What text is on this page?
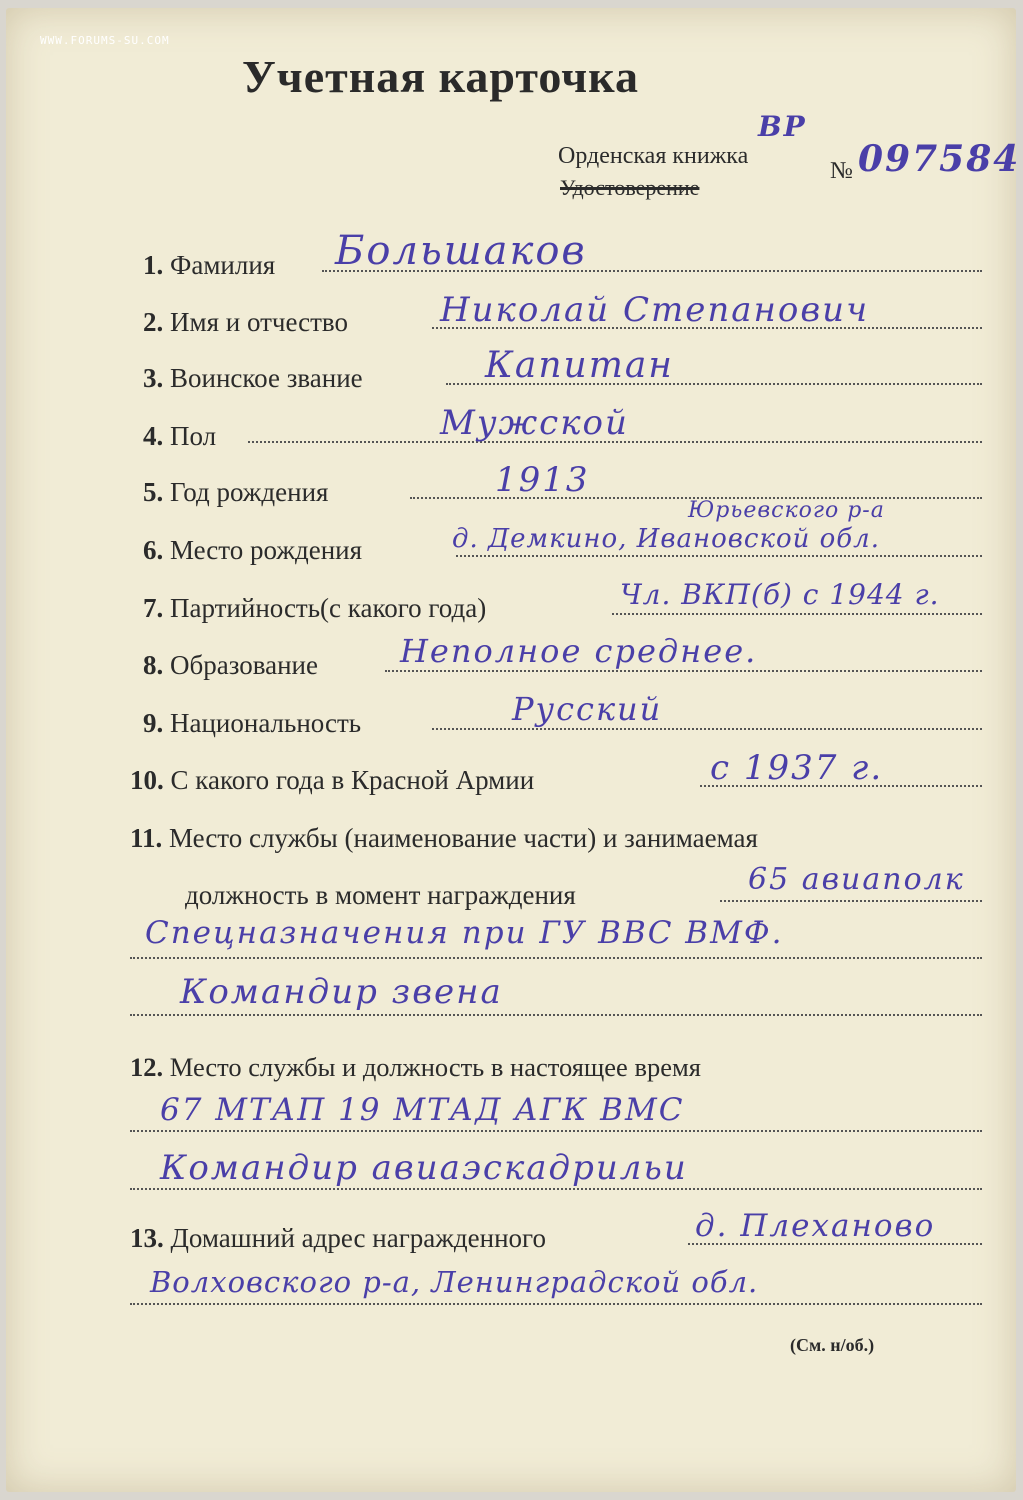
WWW.FORUMS-SU.COM
Учетная карточка
Орденская книжка
Удостоверение
ВР
№ 097584
1. Фамилия Большаков
2. Имя и отчество	Николай Степанович
3. Воинское звание	Капитан
4. Пол	Мужской
5. Год рождения	1913
6. Место рождения
Юрьевского р-а
д. Демкино, Ивановской обл.
7. Партийность(с какого года)	Чл. ВКП(б) с 1944 г.
8. Образование	Неполное среднее.
9. Национальность	Русский
10. С какого года в Красной Армии	с 1937 г.
11. Место службы (наименование части) и занимаемая
должность в момент награждения	65 авиаполк
Спецназначения при ГУ ВВС ВМФ.
Командир звена
12. Место службы и должность в настоящее время
67 МТАП 19 МТАД АГК ВМС
Командир авиаэскадрильи
13. Домашний адрес награжденного	д. Плеханово
Волховского р-а, Ленинградской обл.
(См. н/об.)
